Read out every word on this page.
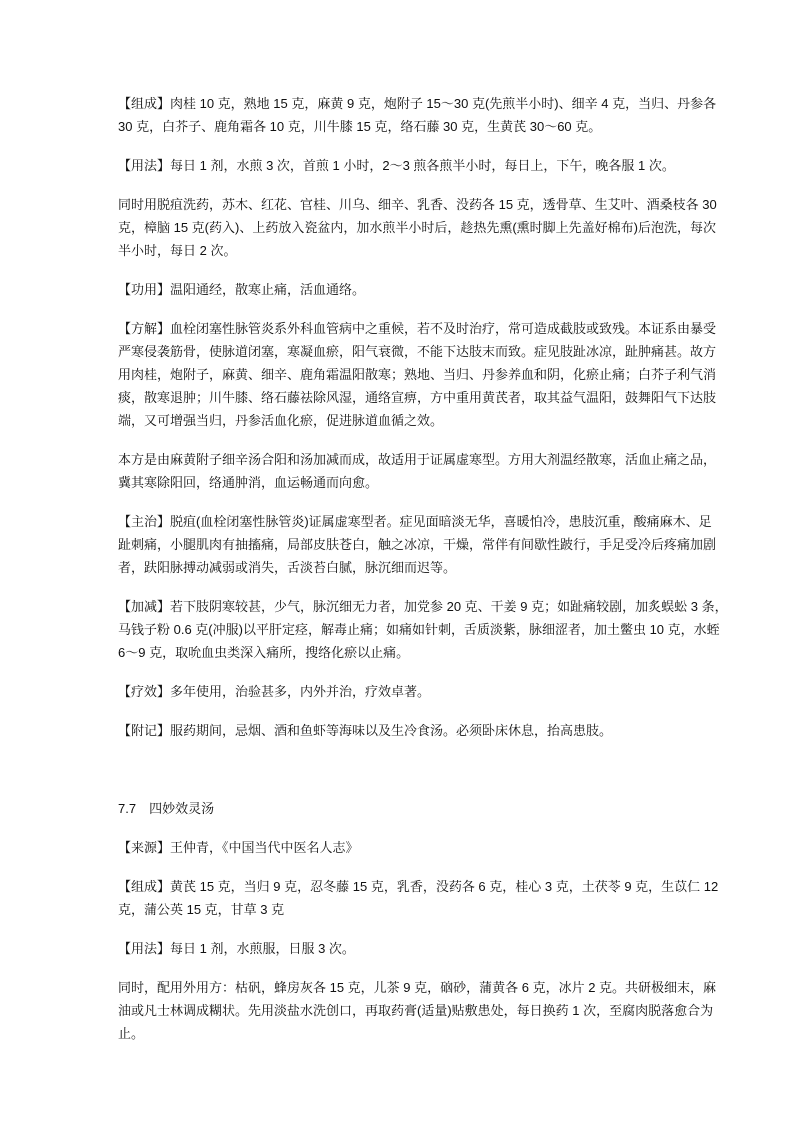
【组成】肉桂 10 克，熟地 15 克，麻黄 9 克，炮附子 15～30 克(先煎半小时)、细辛 4 克，当归、丹参各
30 克，白芥子、鹿角霜各 10 克，川牛膝 15 克，络石藤 30 克，生黄芪 30～60 克。
【用法】每日 1 剂，水煎 3 次，首煎 1 小时，2～3 煎各煎半小时，每日上，下午，晚各服 1 次。
同时用脱疽洗药，苏木、红花、官桂、川乌、细辛、乳香、没药各 15 克，透骨草、生艾叶、酒桑枝各 30
克，樟脑 15 克(药入)、上药放入瓷盆内，加水煎半小时后，趁热先熏(熏时脚上先盖好棉布)后泡洗，每次
半小时，每日 2 次。
【功用】温阳通经，散寒止痛，活血通络。
【方解】血栓闭塞性脉管炎系外科血管病中之重候，若不及时治疗，常可造成截肢或致残。本证系由暴受
严寒侵袭筋骨，使脉道闭塞，寒凝血瘀，阳气衰微，不能下达肢末而致。症见肢趾冰凉，趾肿痛甚。故方
用肉桂，炮附子，麻黄、细辛、鹿角霜温阳散寒；熟地、当归、丹参养血和阴，化瘀止痛；白芥子利气消
痰，散寒退肿；川牛膝、络石藤祛除风湿，通络宣痹，方中重用黄芪者，取其益气温阳，鼓舞阳气下达肢
端，又可增强当归，丹参活血化瘀，促进脉道血循之效。
本方是由麻黄附子细辛汤合阳和汤加减而成，故适用于证属虚寒型。方用大剂温经散寒，活血止痛之品，
冀其寒除阳回，络通肿消，血运畅通而向愈。
【主治】脱疽(血栓闭塞性脉管炎)证属虚寒型者。症见面暗淡无华，喜暖怕冷，患肢沉重，酸痛麻木、足
趾刺痛，小腿肌肉有抽搐痛，局部皮肤苍白，触之冰凉，干燥，常伴有间歇性跛行，手足受冷后疼痛加剧
者，趺阳脉搏动减弱或消失，舌淡苔白腻，脉沉细而迟等。
【加减】若下肢阴寒较甚，少气，脉沉细无力者，加党参 20 克、干姜 9 克；如趾痛较剧，加炙蜈蚣 3 条，
马钱子粉 0.6 克(冲服)以平肝定痉，解毒止痛；如痛如针刺，舌质淡紫，脉细涩者，加土鳖虫 10 克，水蛭
6～9 克，取吮血虫类深入痛所，搜络化瘀以止痛。
【疗效】多年使用，治验甚多，内外并治，疗效卓著。
【附记】服药期间，忌烟、酒和鱼虾等海味以及生冷食汤。必须卧床休息，抬高患肢。
7.7　四妙效灵汤
【来源】王仲青，《中国当代中医名人志》
【组成】黄芪 15 克，当归 9 克，忍冬藤 15 克，乳香，没药各 6 克，桂心 3 克，土茯苓 9 克，生苡仁 12
克，蒲公英 15 克，甘草 3 克
【用法】每日 1 剂，水煎服，日服 3 次。
同时，配用外用方：枯矾，蜂房灰各 15 克，儿茶 9 克，硇砂，蒲黄各 6 克，冰片 2 克。共研极细末，麻
油或凡士林调成糊状。先用淡盐水洗创口，再取药膏(适量)贴敷患处，每日换药 1 次，至腐肉脱落愈合为
止。
